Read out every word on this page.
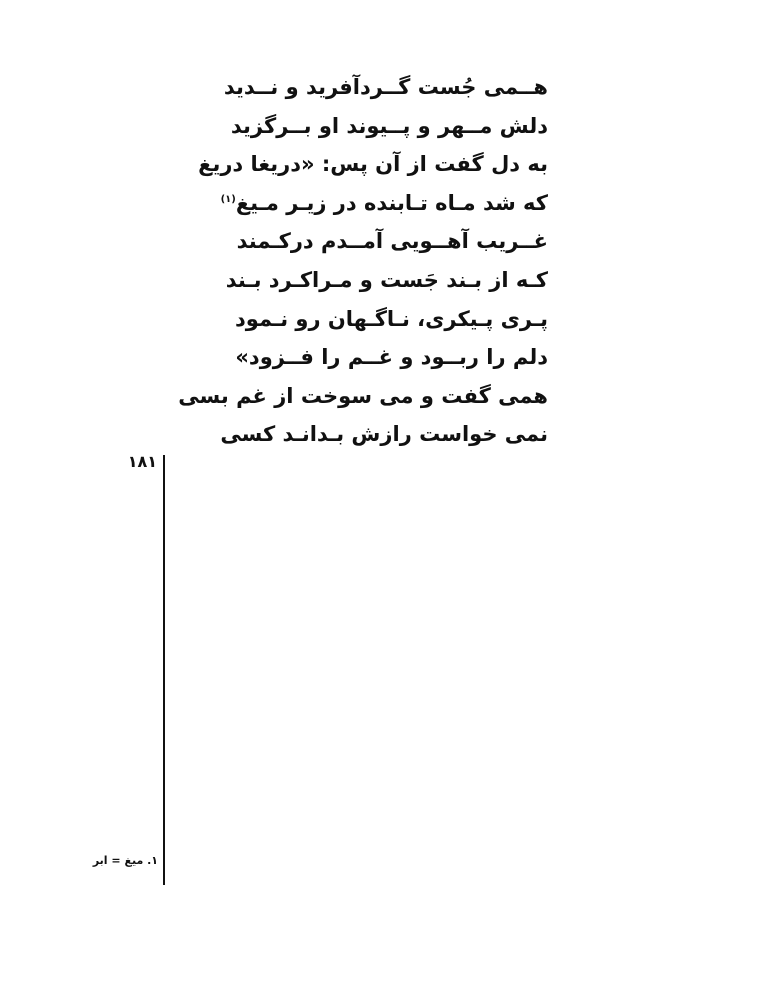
هــمی جُست گــردآفرید و نــدید
دلش مــهر و پــیوند او بــرگزید
به دل گفت از آن پس: «دریغا دریغ
که شد مـاه تـابنده در زیـر مـیغ$^{(۱)}$
غــریب آهــویی آمــدم درکـمند
کـه از بـند جَست و مـراکـرد بـند
پـری پـیکری، نـاگـهان رو نـمود
دلم را ربــود و غــم را فــزود»
همی گفت و می سوخت از غم بسی
نمی خواست رازش بـدانـد کسی
۱۸۱
۱. میغ = ابر
